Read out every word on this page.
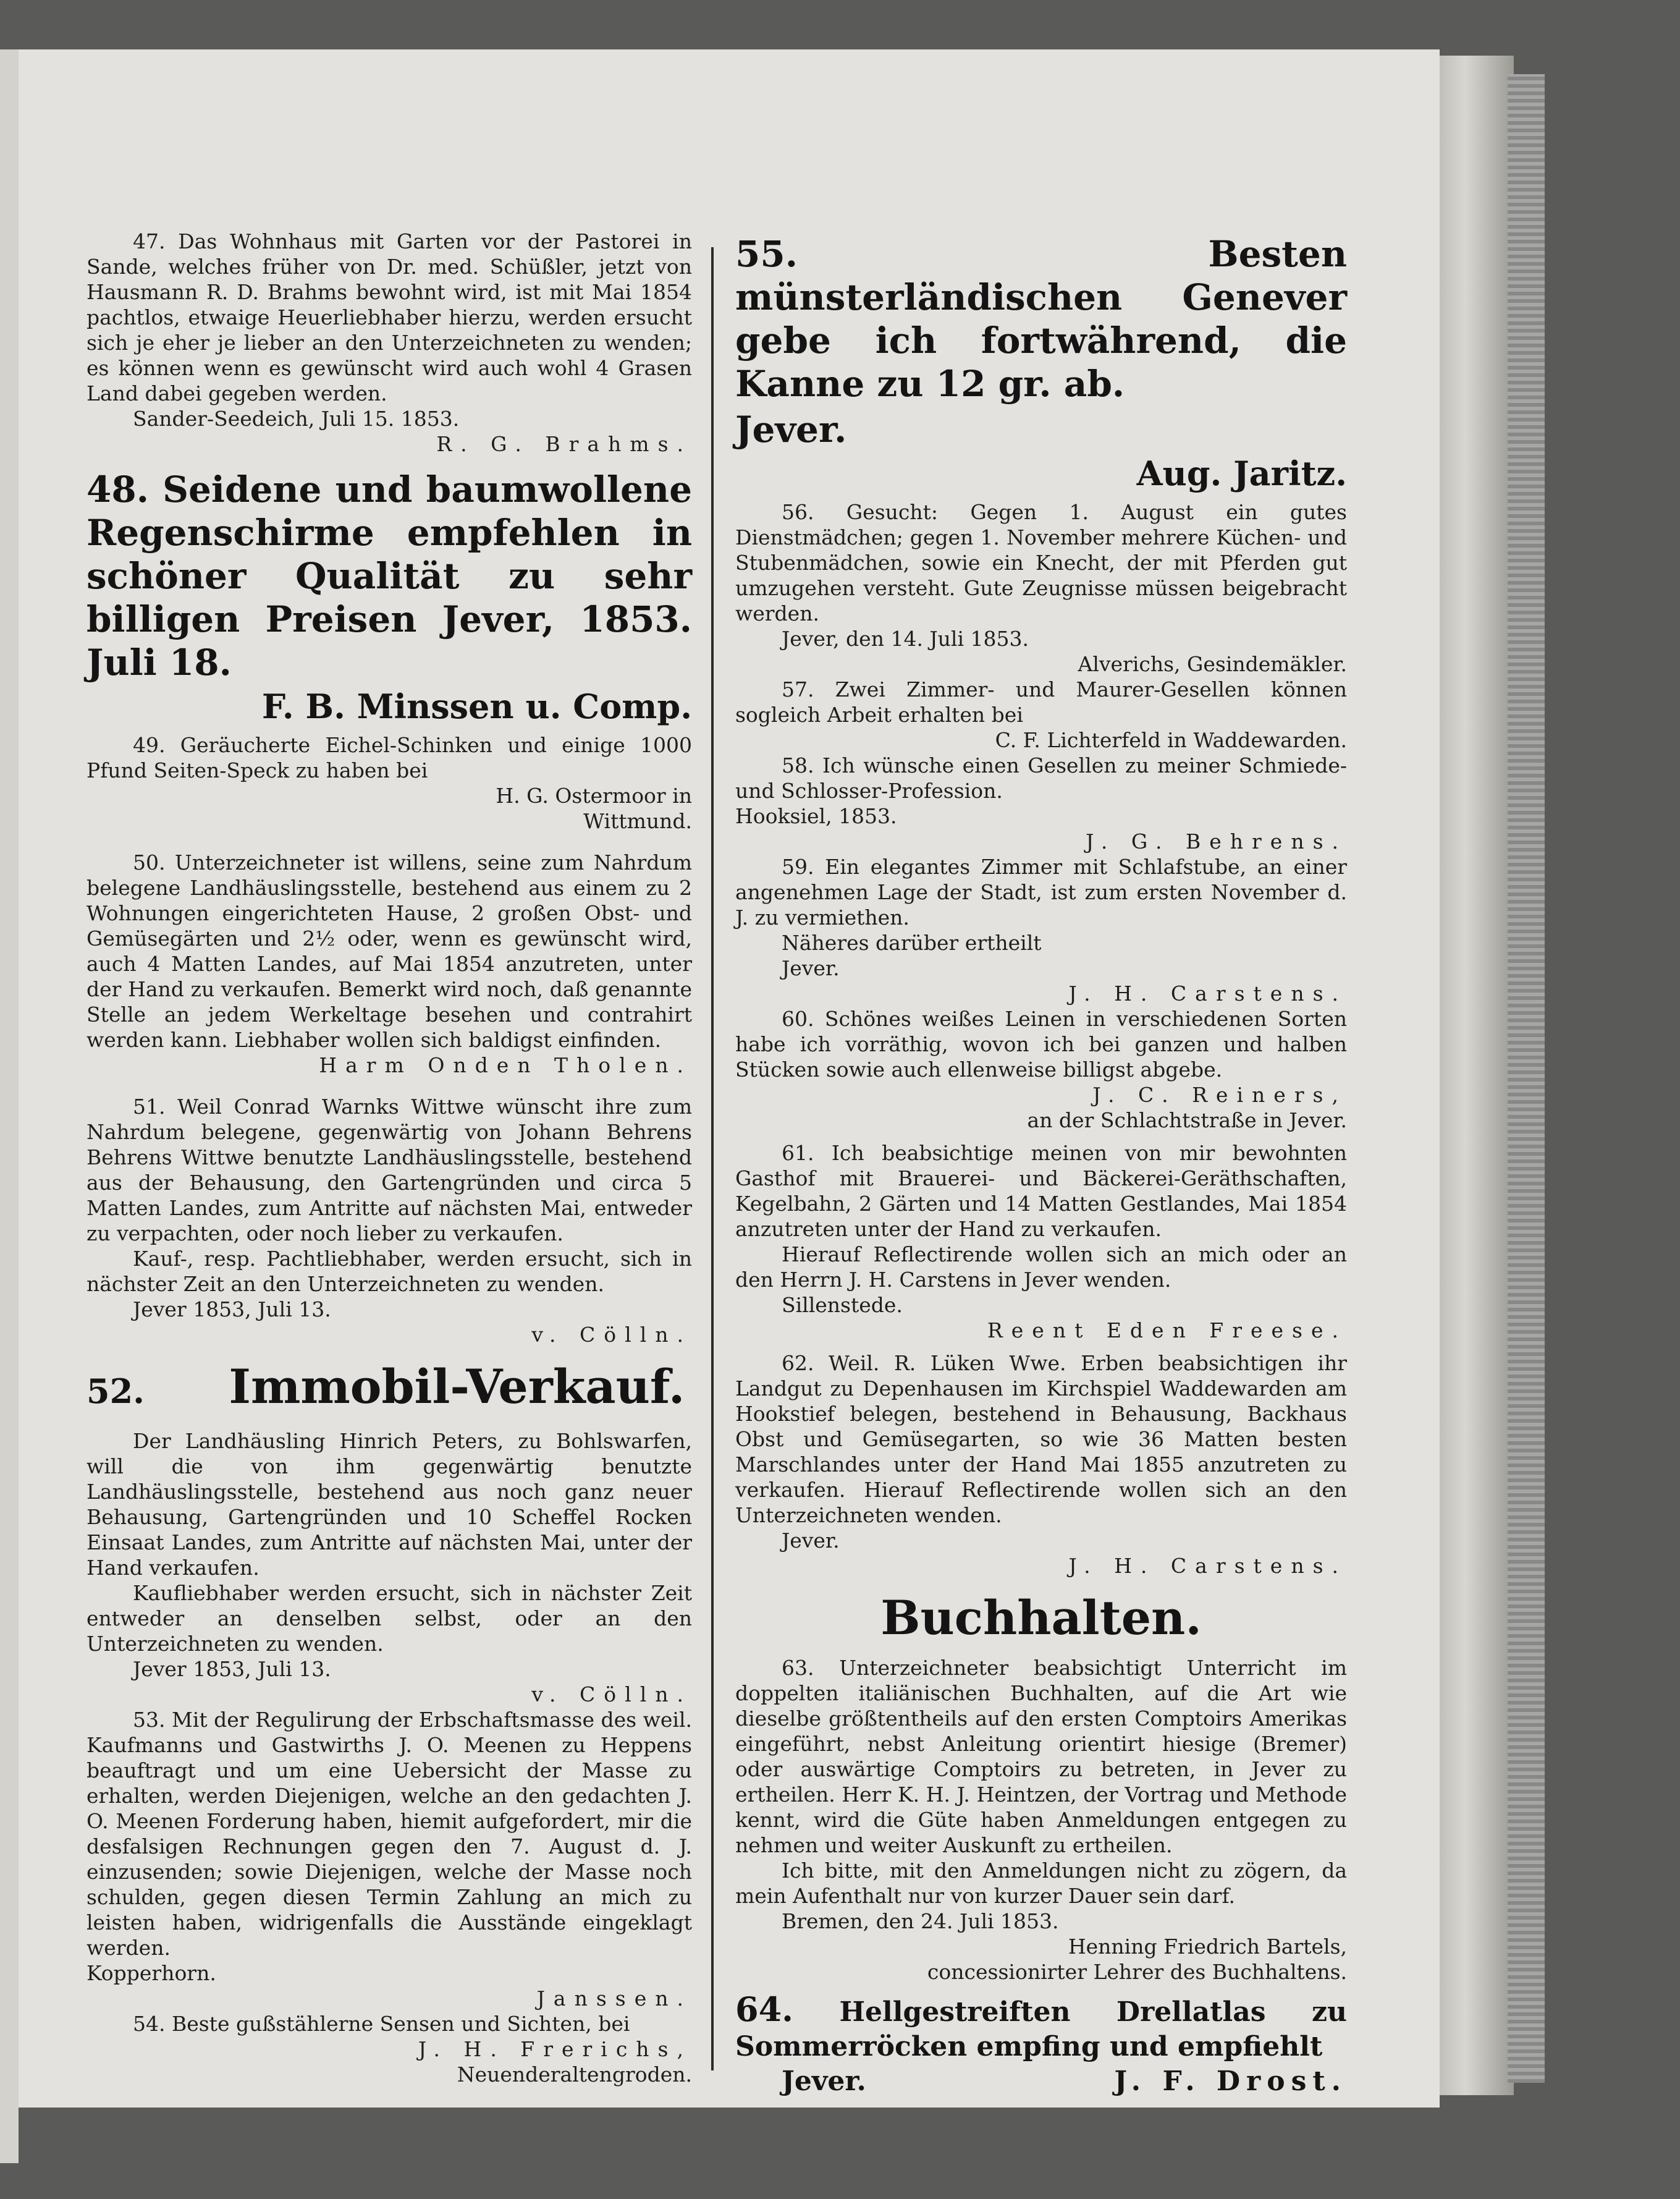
47. Das Wohnhaus mit Garten vor der Pastorei in Sande, welches früher von Dr. med. Schüßler, jetzt von Hausmann R. D. Brahms bewohnt wird, ist mit Mai 1854 pachtlos, etwaige Heuerliebhaber hierzu, werden ersucht sich je eher je lieber an den Unterzeichneten zu wenden; es können wenn es gewünscht wird auch wohl 4 Grasen Land dabei gegeben werden.

Sander-Seedeich, Juli 15. 1853.

R. G. Brahms.

48. Seidene und baumwollene Regenschirme empfehlen in schöner Qualität zu sehr billigen Preisen Jever, 1853. Juli 18.

F. B. Minssen u. Comp.

49. Geräucherte Eichel-Schinken und einige 1000 Pfund Seiten-Speck zu haben bei

H. G. Ostermoor in

Wittmund.

50. Unterzeichneter ist willens, seine zum Nahrdum belegene Landhäuslingsstelle, bestehend aus einem zu 2 Wohnungen eingerichteten Hause, 2 großen Obst- und Gemüsegärten und 2½ oder, wenn es gewünscht wird, auch 4 Matten Landes, auf Mai 1854 anzutreten, unter der Hand zu verkaufen. Bemerkt wird noch, daß genannte Stelle an jedem Werkeltage besehen und contrahirt werden kann. Liebhaber wollen sich baldigst einfinden.

Harm Onden Tholen.

51. Weil Conrad Warnks Wittwe wünscht ihre zum Nahrdum belegene, gegenwärtig von Johann Behrens Behrens Wittwe benutzte Landhäuslingsstelle, bestehend aus der Behausung, den Gartengründen und circa 5 Matten Landes, zum Antritte auf nächsten Mai, entweder zu verpachten, oder noch lieber zu verkaufen.

Kauf-, resp. Pachtliebhaber, werden ersucht, sich in nächster Zeit an den Unterzeichneten zu wenden.

Jever 1853, Juli 13.

v. Cölln.

52. Immobil-Verkauf.

Der Landhäusling Hinrich Peters, zu Bohlswarfen, will die von ihm gegenwärtig benutzte Landhäuslingsstelle, bestehend aus noch ganz neuer Behausung, Gartengründen und 10 Scheffel Rocken Einsaat Landes, zum Antritte auf nächsten Mai, unter der Hand verkaufen.

Kaufliebhaber werden ersucht, sich in nächster Zeit entweder an denselben selbst, oder an den Unterzeichneten zu wenden.

Jever 1853, Juli 13.

v. Cölln.

53. Mit der Regulirung der Erbschaftsmasse des weil. Kaufmanns und Gastwirths J. O. Meenen zu Heppens beauftragt und um eine Uebersicht der Masse zu erhalten, werden Diejenigen, welche an den gedachten J. O. Meenen Forderung haben, hiemit aufgefordert, mir die desfalsigen Rechnungen gegen den 7. August d. J. einzusenden; sowie Diejenigen, welche der Masse noch schulden, gegen diesen Termin Zahlung an mich zu leisten haben, widrigenfalls die Ausstände eingeklagt werden.

Kopperhorn.

Janssen.

54. Beste gußstählerne Sensen und Sichten, bei

J. H. Frerichs,

Neuenderaltengroden.

55. Besten münsterländischen Genever gebe ich fortwährend, die Kanne zu 12 gr. ab.

Jever.

Aug. Jaritz.

56. Gesucht: Gegen 1. August ein gutes Dienstmädchen; gegen 1. November mehrere Küchen- und Stubenmädchen, sowie ein Knecht, der mit Pferden gut umzugehen versteht. Gute Zeugnisse müssen beigebracht werden.

Jever, den 14. Juli 1853.

Alverichs, Gesindemäkler.

57. Zwei Zimmer- und Maurer-Gesellen können sogleich Arbeit erhalten bei

C. F. Lichterfeld in Waddewarden.

58. Ich wünsche einen Gesellen zu meiner Schmiede- und Schlosser-Profession.

Hooksiel, 1853.

J. G. Behrens.

59. Ein elegantes Zimmer mit Schlafstube, an einer angenehmen Lage der Stadt, ist zum ersten November d. J. zu vermiethen.

Näheres darüber ertheilt

Jever.

J. H. Carstens.

60. Schönes weißes Leinen in verschiedenen Sorten habe ich vorräthig, wovon ich bei ganzen und halben Stücken sowie auch ellenweise billigst abgebe.

J. C. Reiners,

an der Schlachtstraße in Jever.

61. Ich beabsichtige meinen von mir bewohnten Gasthof mit Brauerei- und Bäckerei-Geräthschaften, Kegelbahn, 2 Gärten und 14 Matten Gestlandes, Mai 1854 anzutreten unter der Hand zu verkaufen.

Hierauf Reflectirende wollen sich an mich oder an den Herrn J. H. Carstens in Jever wenden.

Sillenstede.

Reent Eden Freese.

62. Weil. R. Lüken Wwe. Erben beabsichtigen ihr Landgut zu Depenhausen im Kirchspiel Waddewarden am Hookstief belegen, bestehend in Behausung, Backhaus Obst und Gemüsegarten, so wie 36 Matten besten Marschlandes unter der Hand Mai 1855 anzutreten zu verkaufen. Hierauf Reflectirende wollen sich an den Unterzeichneten wenden.

Jever.

J. H. Carstens.

Buchhalten.

63. Unterzeichneter beabsichtigt Unterricht im doppelten italiänischen Buchhalten, auf die Art wie dieselbe größtentheils auf den ersten Comptoirs Amerikas eingeführt, nebst Anleitung orientirt hiesige (Bremer) oder auswärtige Comptoirs zu betreten, in Jever zu ertheilen. Herr K. H. J. Heintzen, der Vortrag und Methode kennt, wird die Güte haben Anmeldungen entgegen zu nehmen und weiter Auskunft zu ertheilen.

Ich bitte, mit den Anmeldungen nicht zu zögern, da mein Aufenthalt nur von kurzer Dauer sein darf.

Bremen, den 24. Juli 1853.

Henning Friedrich Bartels,

concessionirter Lehrer des Buchhaltens.

64. Hellgestreiften Drellatlas zu Sommerröcken empfing und empfiehlt

Jever.	J. F. Drost.
